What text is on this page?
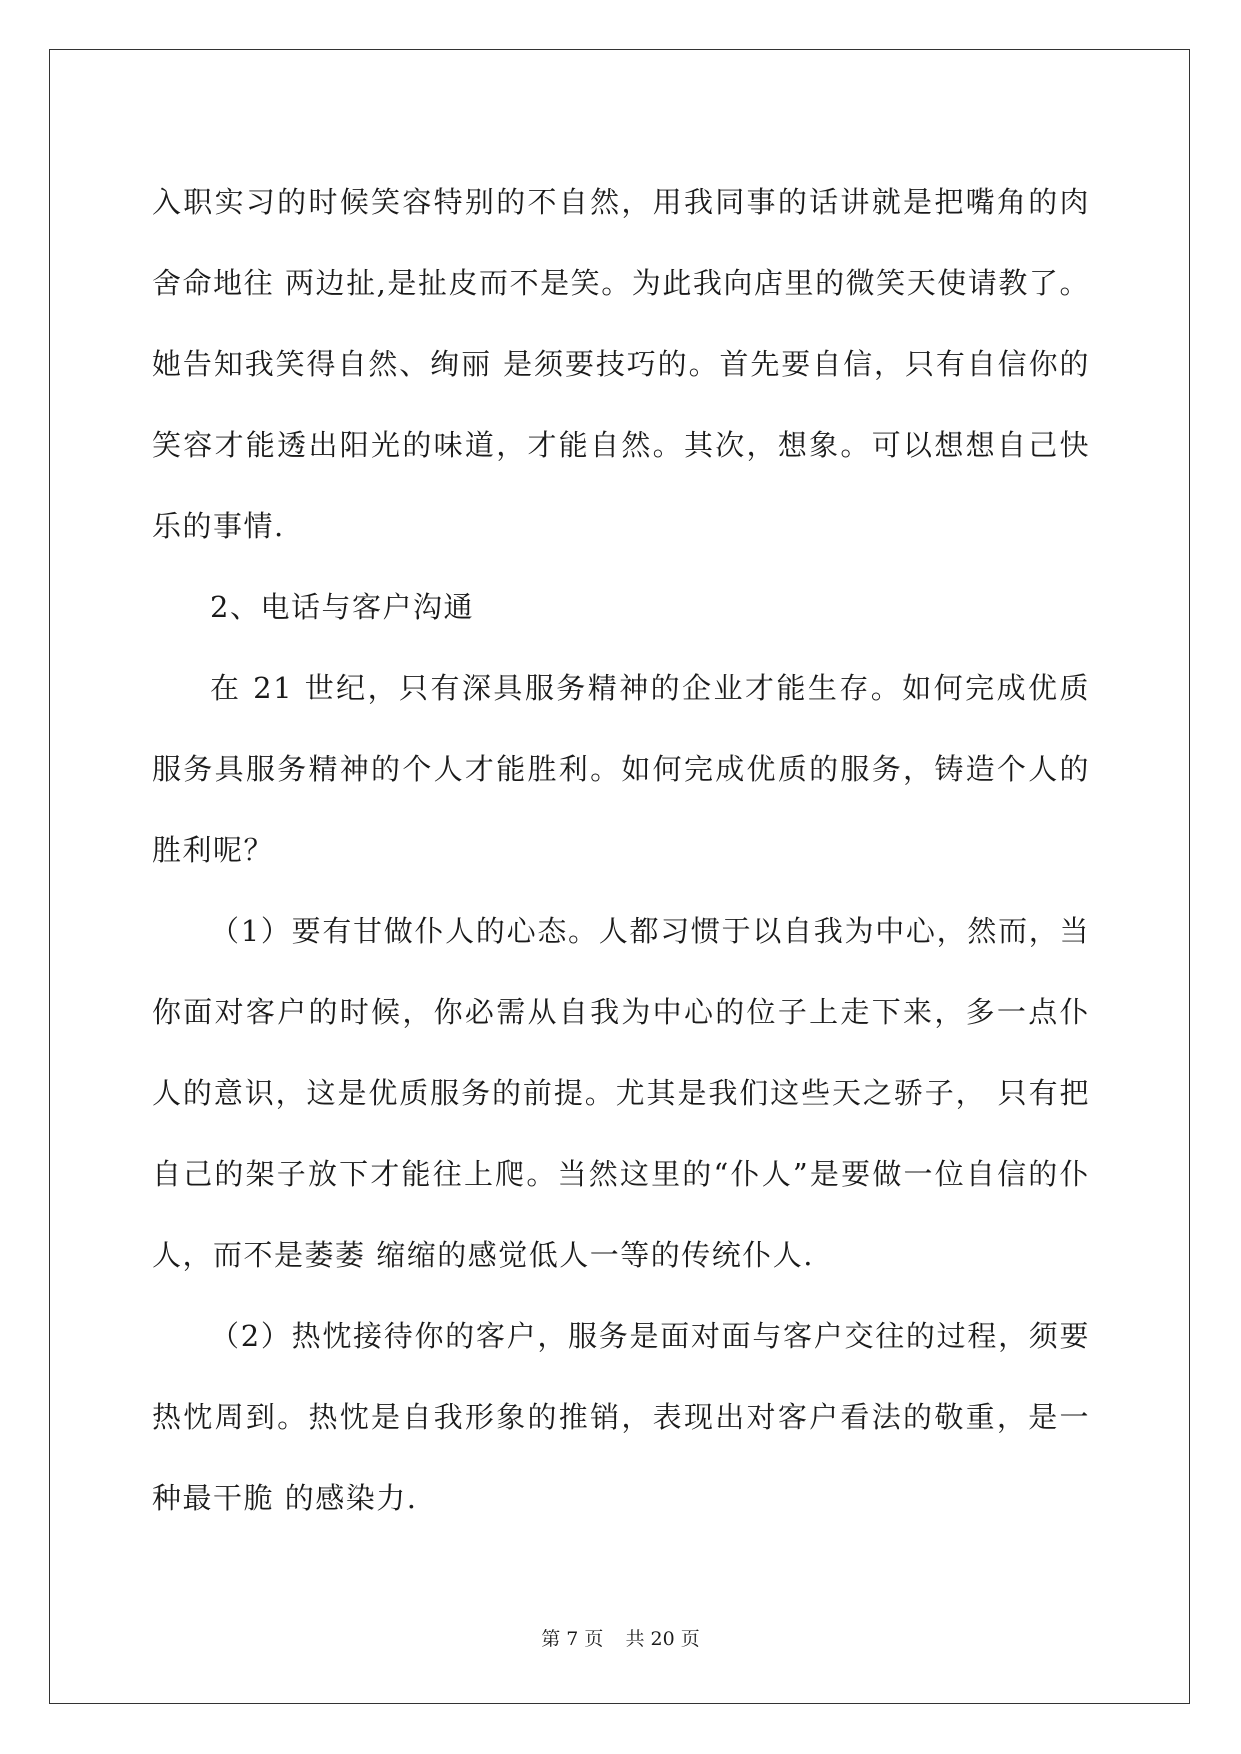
入职实习的时候笑容特别的不自然，用我同事的话讲就是把嘴角的肉舍命地往 两边扯,是扯皮而不是笑。为此我向店里的微笑天使请教了。她告知我笑得自然、绚丽 是须要技巧的。首先要自信，只有自信你的笑容才能透出阳光的味道，才能自然。其次，想象。可以想想自己快乐的事情.

2、电话与客户沟通

在 21 世纪，只有深具服务精神的企业才能生存。如何完成优质服务具服务精神的个人才能胜利。如何完成优质的服务，铸造个人的胜利呢？

（1）要有甘做仆人的心态。人都习惯于以自我为中心，然而，当你面对客户的时候，你必需从自我为中心的位子上走下来，多一点仆人的意识，这是优质服务的前提。尤其是我们这些天之骄子， 只有把自己的架子放下才能往上爬。当然这里的“仆人”是要做一位自信的仆人，而不是萎萎 缩缩的感觉低人一等的传统仆人.

（2）热忱接待你的客户，服务是面对面与客户交往的过程，须要热忱周到。热忱是自我形象的推销，表现出对客户看法的敬重，是一种最干脆 的感染力.

第 7 页 共 20 页
